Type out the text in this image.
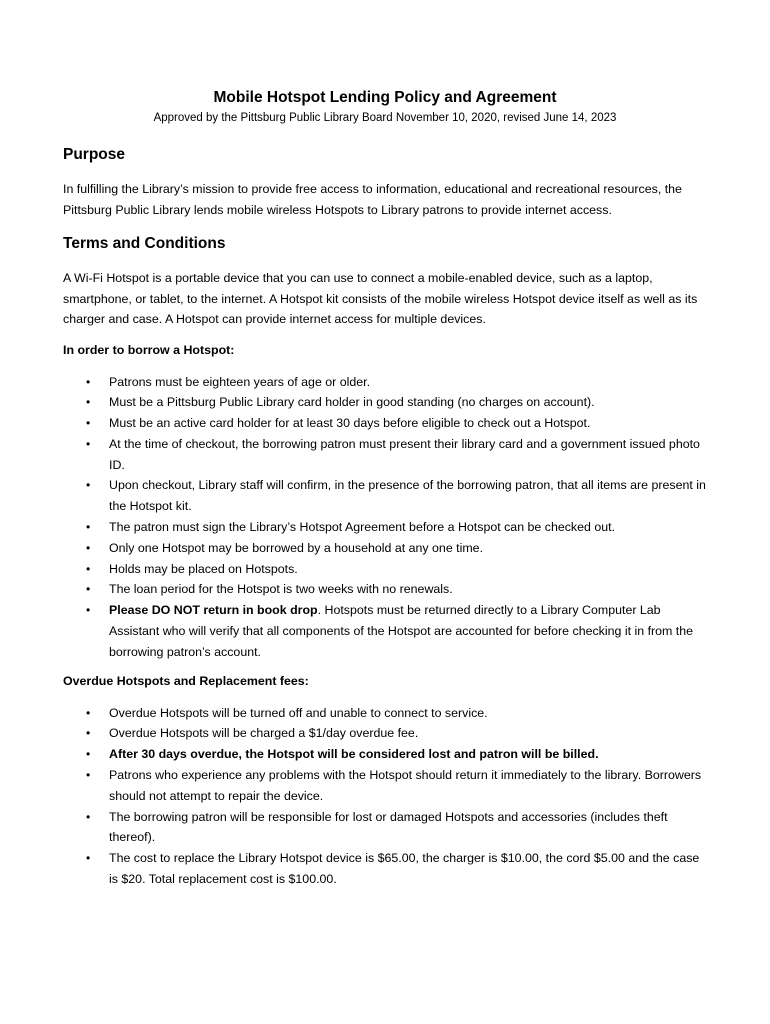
Mobile Hotspot Lending Policy and Agreement
Approved by the Pittsburg Public Library Board November 10, 2020, revised June 14, 2023
Purpose

In fulfilling the Library’s mission to provide free access to information, educational and recreational resources, the Pittsburg Public Library lends mobile wireless Hotspots to Library patrons to provide internet access.

Terms and Conditions

A Wi-Fi Hotspot is a portable device that you can use to connect a mobile-enabled device, such as a laptop, smartphone, or tablet, to the internet. A Hotspot kit consists of the mobile wireless Hotspot device itself as well as its charger and case. A Hotspot can provide internet access for multiple devices.

In order to borrow a Hotspot:
• Patrons must be eighteen years of age or older.
• Must be a Pittsburg Public Library card holder in good standing (no charges on account).
• Must be an active card holder for at least 30 days before eligible to check out a Hotspot.
• At the time of checkout, the borrowing patron must present their library card and a government issued photo ID.
• Upon checkout, Library staff will confirm, in the presence of the borrowing patron, that all items are present in the Hotspot kit.
• The patron must sign the Library’s Hotspot Agreement before a Hotspot can be checked out.
• Only one Hotspot may be borrowed by a household at any one time.
• Holds may be placed on Hotspots.
• The loan period for the Hotspot is two weeks with no renewals.
• Please DO NOT return in book drop. Hotspots must be returned directly to a Library Computer Lab Assistant who will verify that all components of the Hotspot are accounted for before checking it in from the borrowing patron’s account.
Overdue Hotspots and Replacement fees:
• Overdue Hotspots will be turned off and unable to connect to service.
• Overdue Hotspots will be charged a $1/day overdue fee.
• After 30 days overdue, the Hotspot will be considered lost and patron will be billed.
• Patrons who experience any problems with the Hotspot should return it immediately to the library. Borrowers should not attempt to repair the device.
• The borrowing patron will be responsible for lost or damaged Hotspots and accessories (includes theft thereof).
• The cost to replace the Library Hotspot device is $65.00, the charger is $10.00, the cord $5.00 and the case is $20. Total replacement cost is $100.00.
